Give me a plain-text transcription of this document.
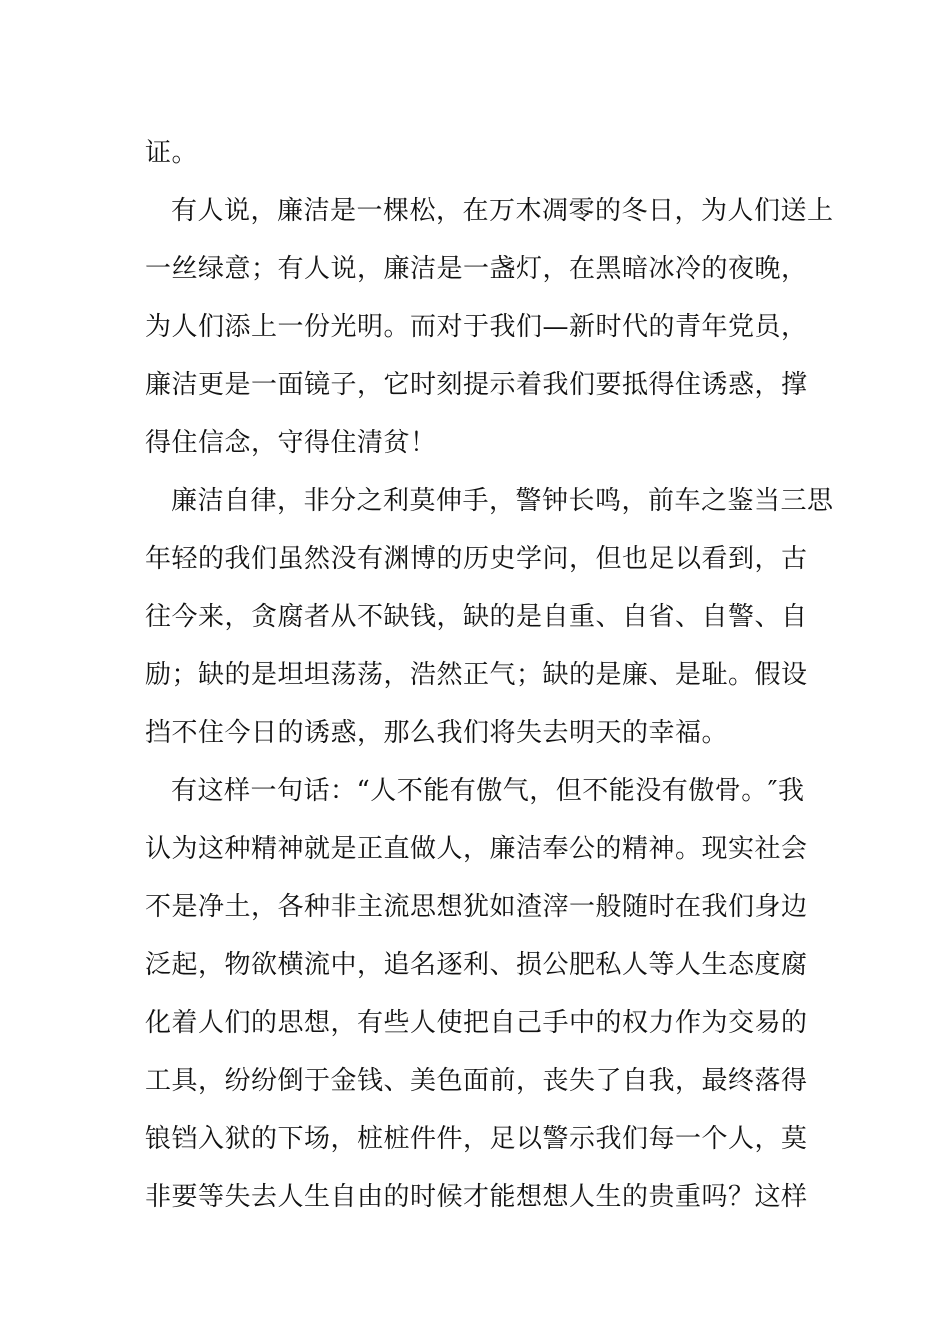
证。
有人说，廉洁是一棵松，在万木凋零的冬日，为人们送上
一丝绿意；有人说，廉洁是一盏灯，在黑暗冰冷的夜晚，
为人们添上一份光明。而对于我们—新时代的青年党员，
廉洁更是一面镜子，它时刻提示着我们要抵得住诱惑，撑
得住信念，守得住清贫！
廉洁自律，非分之利莫伸手，警钟长鸣，前车之鉴当三思
年轻的我们虽然没有渊博的历史学问，但也足以看到，古
往今来，贪腐者从不缺钱，缺的是自重、自省、自警、自
励；缺的是坦坦荡荡，浩然正气；缺的是廉、是耻。假设
挡不住今日的诱惑，那么我们将失去明天的幸福。
有这样一句话：“人不能有傲气，但不能没有傲骨。″我
认为这种精神就是正直做人，廉洁奉公的精神。现实社会
不是净土，各种非主流思想犹如渣滓一般随时在我们身边
泛起，物欲横流中，追名逐利、损公肥私人等人生态度腐
化着人们的思想，有些人使把自己手中的权力作为交易的
工具，纷纷倒于金钱、美色面前，丧失了自我，最终落得
锒铛入狱的下场，桩桩件件，足以警示我们每一个人，莫
非要等失去人生自由的时候才能想想人生的贵重吗？这样
